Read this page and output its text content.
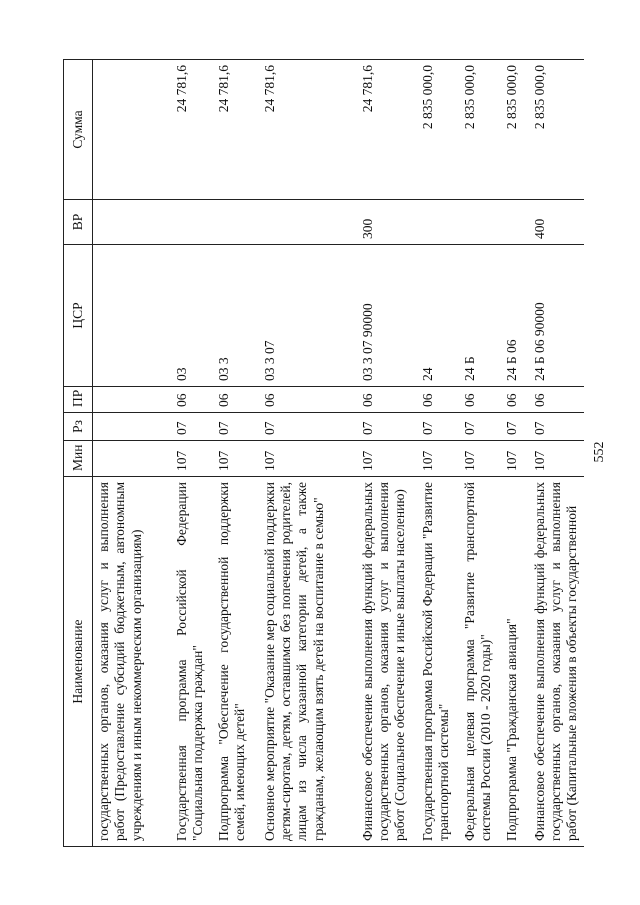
552
Наименование	Мин	Рз	ПР	ЦСР	ВР	Сумма
государственных органов, оказания услуг и выполнения работ (Предоставление субсидий бюджетным, автономным учреждениям и иным некоммерческим организациям)						
Государственная программа Российской Федерации "Социальная поддержка граждан"	107	07	06	03		24 781,6
Подпрограмма "Обеспечение государственной поддержки семей, имеющих детей"	107	07	06	03 3		24 781,6
Основное мероприятие "Оказание мер социальной поддержки детям-сиротам, детям, оставшимся без попечения родителей, лицам из числа указанной категории детей, а также гражданам, желающим взять детей на воспитание в семью"	107	07	06	03 3 07		24 781,6
Финансовое обеспечение выполнения функций федеральных государственных органов, оказания услуг и выполнения работ (Социальное обеспечение и иные выплаты населению)	107	07	06	03 3 07 90000	300	24 781,6
Государственная программа Российской Федерации "Развитие транспортной системы"	107	07	06	24		2 835 000,0
Федеральная целевая программа "Развитие транспортной системы России (2010 - 2020 годы)"	107	07	06	24 Б		2 835 000,0
Подпрограмма "Гражданская авиация"	107	07	06	24 Б 06		2 835 000,0
Финансовое обеспечение выполнения функций федеральных государственных органов, оказания услуг и выполнения работ (Капитальные вложения в объекты государственной	107	07	06	24 Б 06 90000	400	2 835 000,0
